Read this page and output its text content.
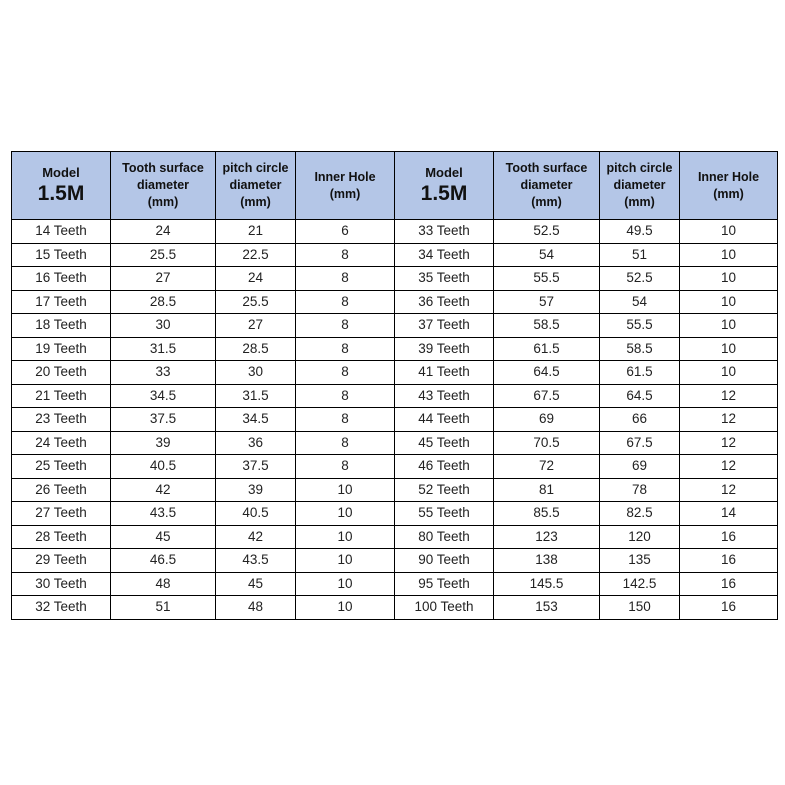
Model
1.5M	Tooth surface
diameter
(mm)	pitch circle
diameter
(mm)	Inner Hole
(mm)	Model
1.5M	Tooth surface
diameter
(mm)	pitch circle
diameter
(mm)	Inner Hole
(mm)
14 Teeth	24	21	6	33 Teeth	52.5	49.5	10
15 Teeth	25.5	22.5	8	34 Teeth	54	51	10
16 Teeth	27	24	8	35 Teeth	55.5	52.5	10
17 Teeth	28.5	25.5	8	36 Teeth	57	54	10
18 Teeth	30	27	8	37 Teeth	58.5	55.5	10
19 Teeth	31.5	28.5	8	39 Teeth	61.5	58.5	10
20 Teeth	33	30	8	41 Teeth	64.5	61.5	10
21 Teeth	34.5	31.5	8	43 Teeth	67.5	64.5	12
23 Teeth	37.5	34.5	8	44 Teeth	69	66	12
24 Teeth	39	36	8	45 Teeth	70.5	67.5	12
25 Teeth	40.5	37.5	8	46 Teeth	72	69	12
26 Teeth	42	39	10	52 Teeth	81	78	12
27 Teeth	43.5	40.5	10	55 Teeth	85.5	82.5	14
28 Teeth	45	42	10	80 Teeth	123	120	16
29 Teeth	46.5	43.5	10	90 Teeth	138	135	16
30 Teeth	48	45	10	95 Teeth	145.5	142.5	16
32 Teeth	51	48	10	100 Teeth	153	150	16
